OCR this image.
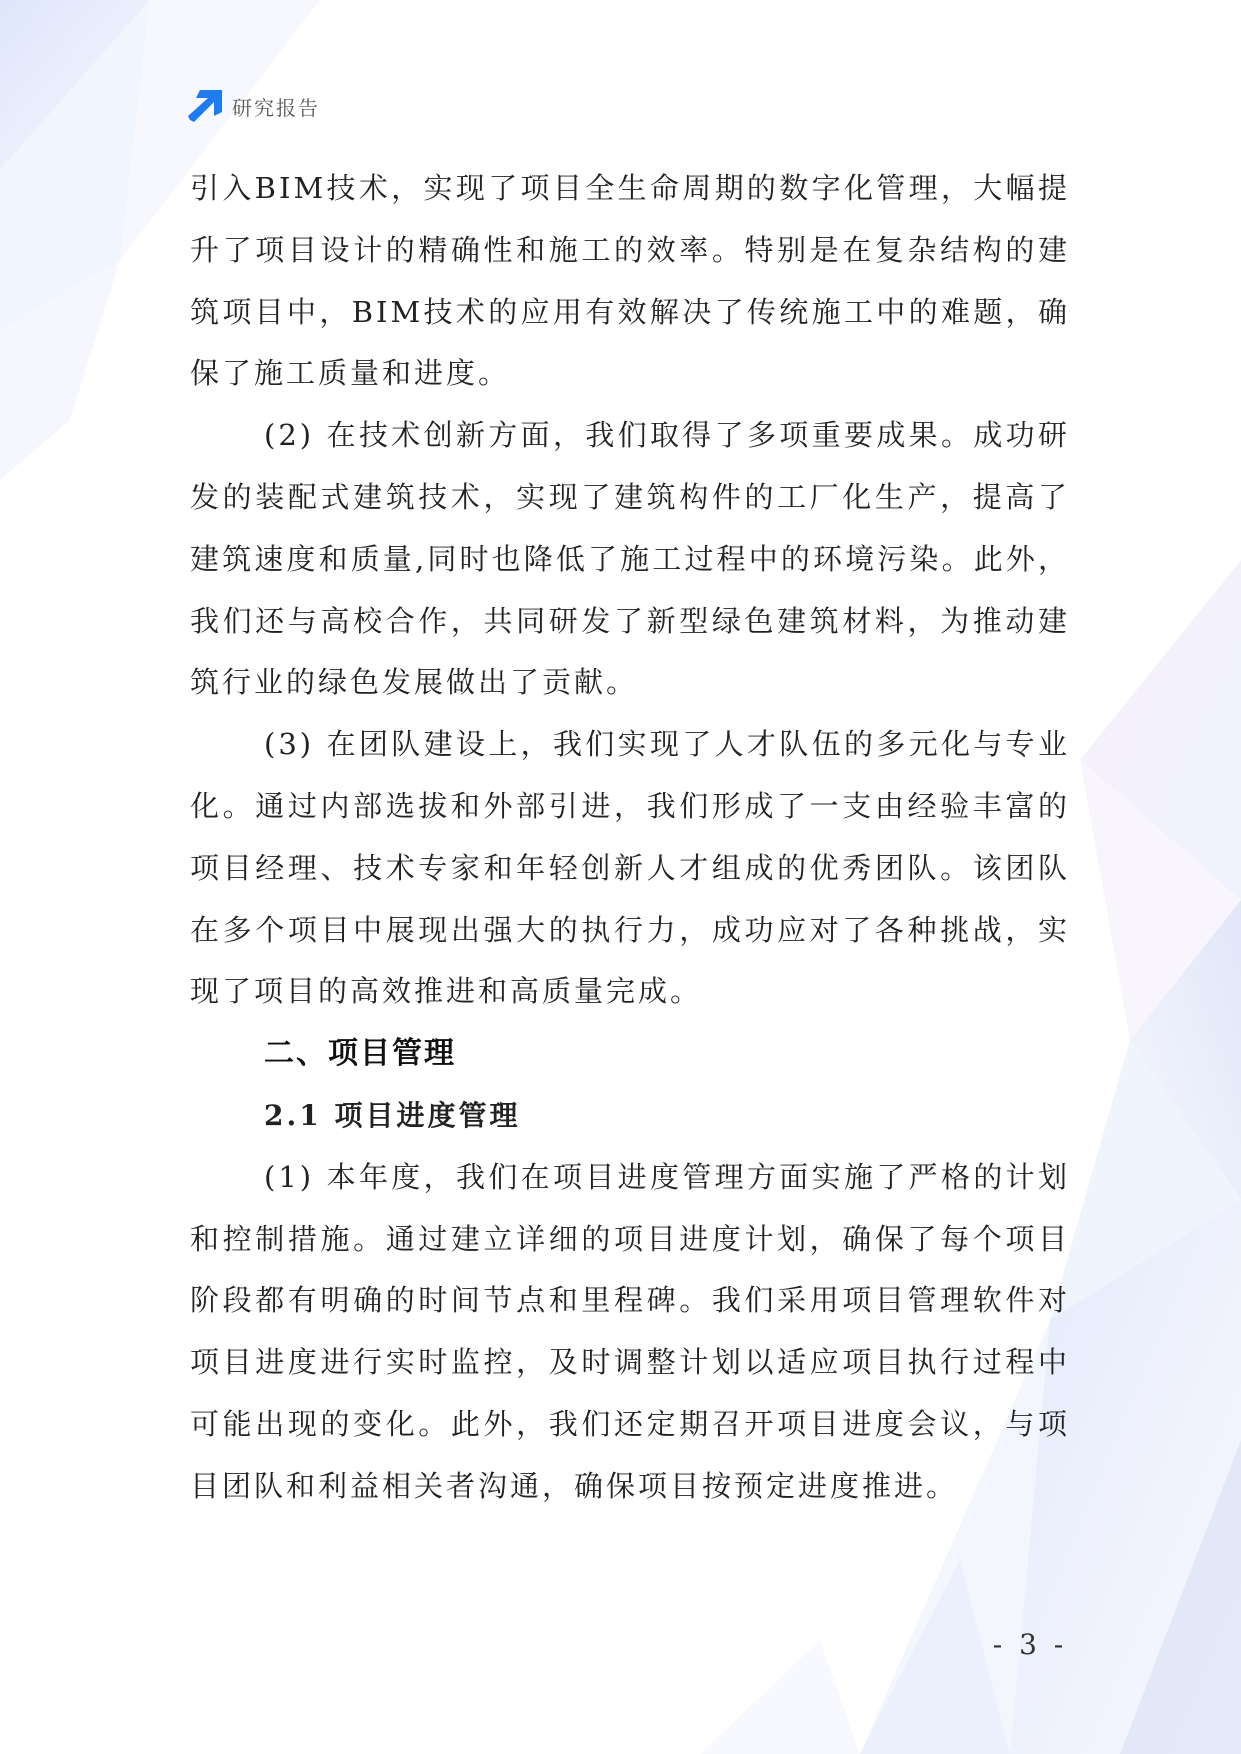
研究报告

引入BIM技术，实现了项目全生命周期的数字化管理，大幅提升了项目设计的精确性和施工的效率。特别是在复杂结构的建筑项目中，BIM技术的应用有效解决了传统施工中的难题，确保了施工质量和进度。

(2) 在技术创新方面，我们取得了多项重要成果。成功研发的装配式建筑技术，实现了建筑构件的工厂化生产，提高了建筑速度和质量,同时也降低了施工过程中的环境污染。此外，我们还与高校合作，共同研发了新型绿色建筑材料，为推动建筑行业的绿色发展做出了贡献。

(3) 在团队建设上，我们实现了人才队伍的多元化与专业化。通过内部选拔和外部引进，我们形成了一支由经验丰富的项目经理、技术专家和年轻创新人才组成的优秀团队。该团队在多个项目中展现出强大的执行力，成功应对了各种挑战，实现了项目的高效推进和高质量完成。

二、项目管理
2.1 项目进度管理

(1) 本年度，我们在项目进度管理方面实施了严格的计划和控制措施。通过建立详细的项目进度计划，确保了每个项目阶段都有明确的时间节点和里程碑。我们采用项目管理软件对项目进度进行实时监控，及时调整计划以适应项目执行过程中可能出现的变化。此外，我们还定期召开项目进度会议，与项目团队和利益相关者沟通，确保项目按预定进度推进。

- 3 -
